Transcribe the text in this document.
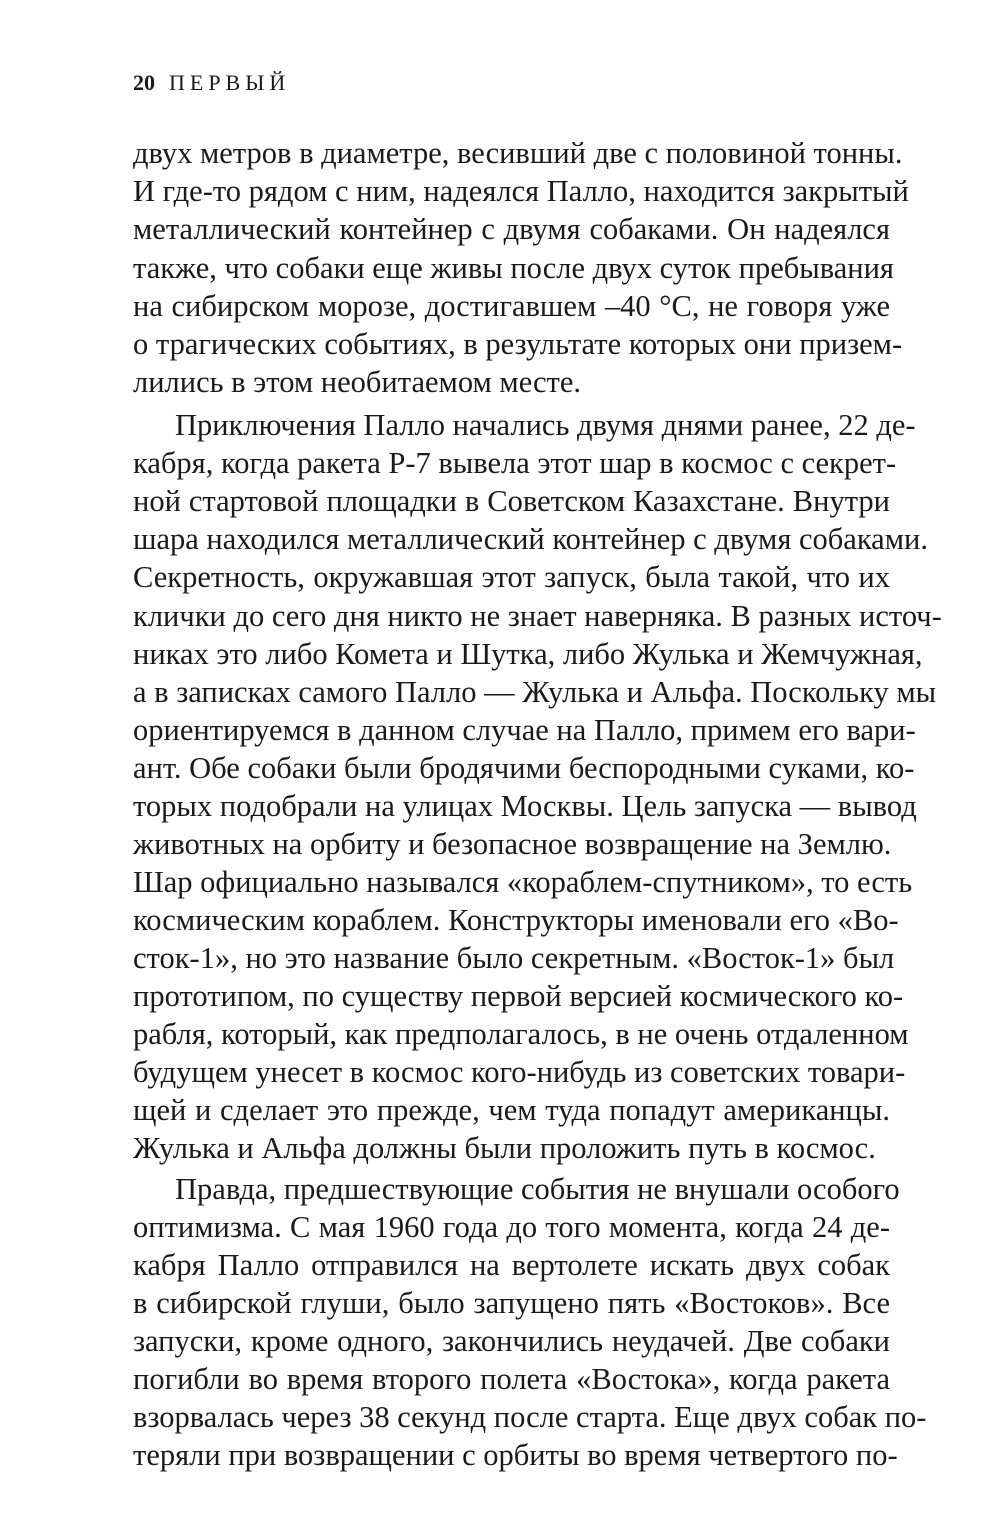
20 ПЕРВЫЙ
двух метров в диаметре, весивший две с половиной тонны.
И где-то рядом с ним, надеялся Палло, находится закрытый
металлический контейнер с двумя собаками. Он надеялся
также, что собаки еще живы после двух суток пребывания
на сибирском морозе, достигавшем –40 °C, не говоря уже
о трагических событиях, в результате которых они призем-
лились в этом необитаемом месте.
Приключения Палло начались двумя днями ранее, 22 де-
кабря, когда ракета Р-7 вывела этот шар в космос с секрет-
ной стартовой площадки в Советском Казахстане. Внутри
шара находился металлический контейнер с двумя собаками.
Секретность, окружавшая этот запуск, была такой, что их
клички до сего дня никто не знает наверняка. В разных источ-
никах это либо Комета и Шутка, либо Жулька и Жемчужная,
а в записках самого Палло — Жулька и Альфа. Поскольку мы
ориентируемся в данном случае на Палло, примем его вари-
ант. Обе собаки были бродячими беспородными суками, ко-
торых подобрали на улицах Москвы. Цель запуска — вывод
животных на орбиту и безопасное возвращение на Землю.
Шар официально назывался «кораблем-спутником», то есть
космическим кораблем. Конструкторы именовали его «Во-
сток-1», но это название было секретным. «Восток-1» был
прототипом, по существу первой версией космического ко-
рабля, который, как предполагалось, в не очень отдаленном
будущем унесет в космос кого-нибудь из советских товари-
щей и сделает это прежде, чем туда попадут американцы.
Жулька и Альфа должны были проложить путь в космос.
Правда, предшествующие события не внушали особого
оптимизма. С мая 1960 года до того момента, когда 24 де-
кабря Палло отправился на вертолете искать двух собак
в сибирской глуши, было запущено пять «Востоков». Все
запуски, кроме одного, закончились неудачей. Две собаки
погибли во время второго полета «Востока», когда ракета
взорвалась через 38 секунд после старта. Еще двух собак по-
теряли при возвращении с орбиты во время четвертого по-
